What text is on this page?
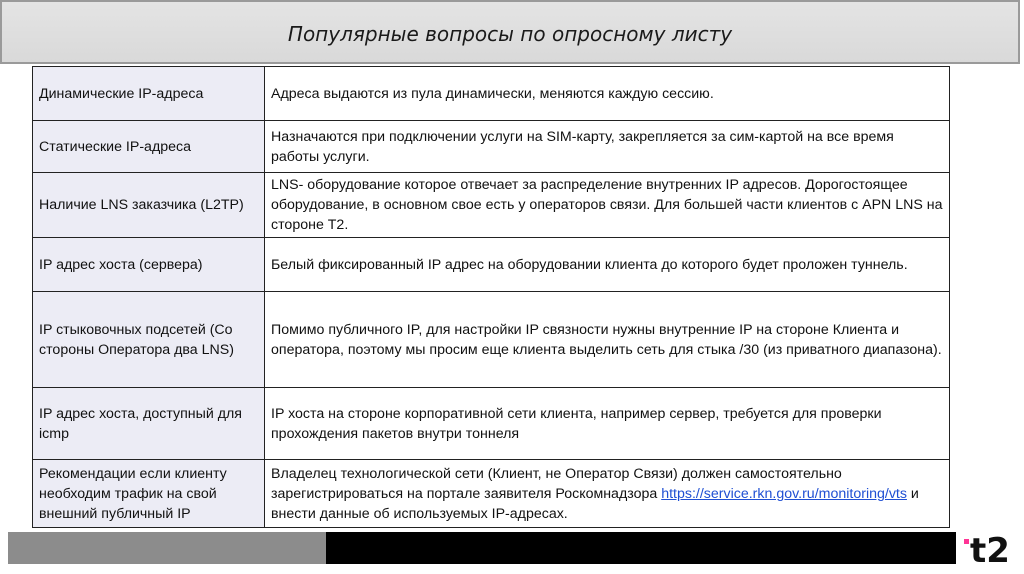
Популярные вопросы по опросному листу
Динамические IP-адреса	Адреса выдаются из пула динамически, меняются каждую сессию.
Статические IP-адреса	Назначаются при подключении услуги на SIM-карту, закрепляется за сим-картой на все время работы услуги.
Наличие LNS заказчика (L2TP)	LNS- оборудование которое отвечает за распределение внутренних IP адресов. Дорогостоящее оборудование, в основном свое есть у операторов связи. Для большей части клиентов с APN LNS на стороне Т2.
IP адрес хоста (сервера)	Белый фиксированный IP адрес на оборудовании клиента до которого будет проложен туннель.
IP стыковочных подсетей (Со стороны Оператора два LNS)	Помимо публичного IP, для настройки IP связности нужны внутренние IP на стороне Клиента и оператора, поэтому мы просим еще клиента выделить сеть для стыка /30 (из приватного диапазона).
IP адрес хоста, доступный для icmp	IP хоста на стороне корпоративной сети клиента, например сервер, требуется для проверки прохождения пакетов внутри тоннеля
Рекомендации если клиенту необходим трафик на свой внешний публичный IP	Владелец технологической сети (Клиент, не Оператор Связи) должен самостоятельно зарегистрироваться на портале заявителя Роскомнадзора https://service.rkn.gov.ru/monitoring/vts и внести данные об используемых IP-адресах.
t2
